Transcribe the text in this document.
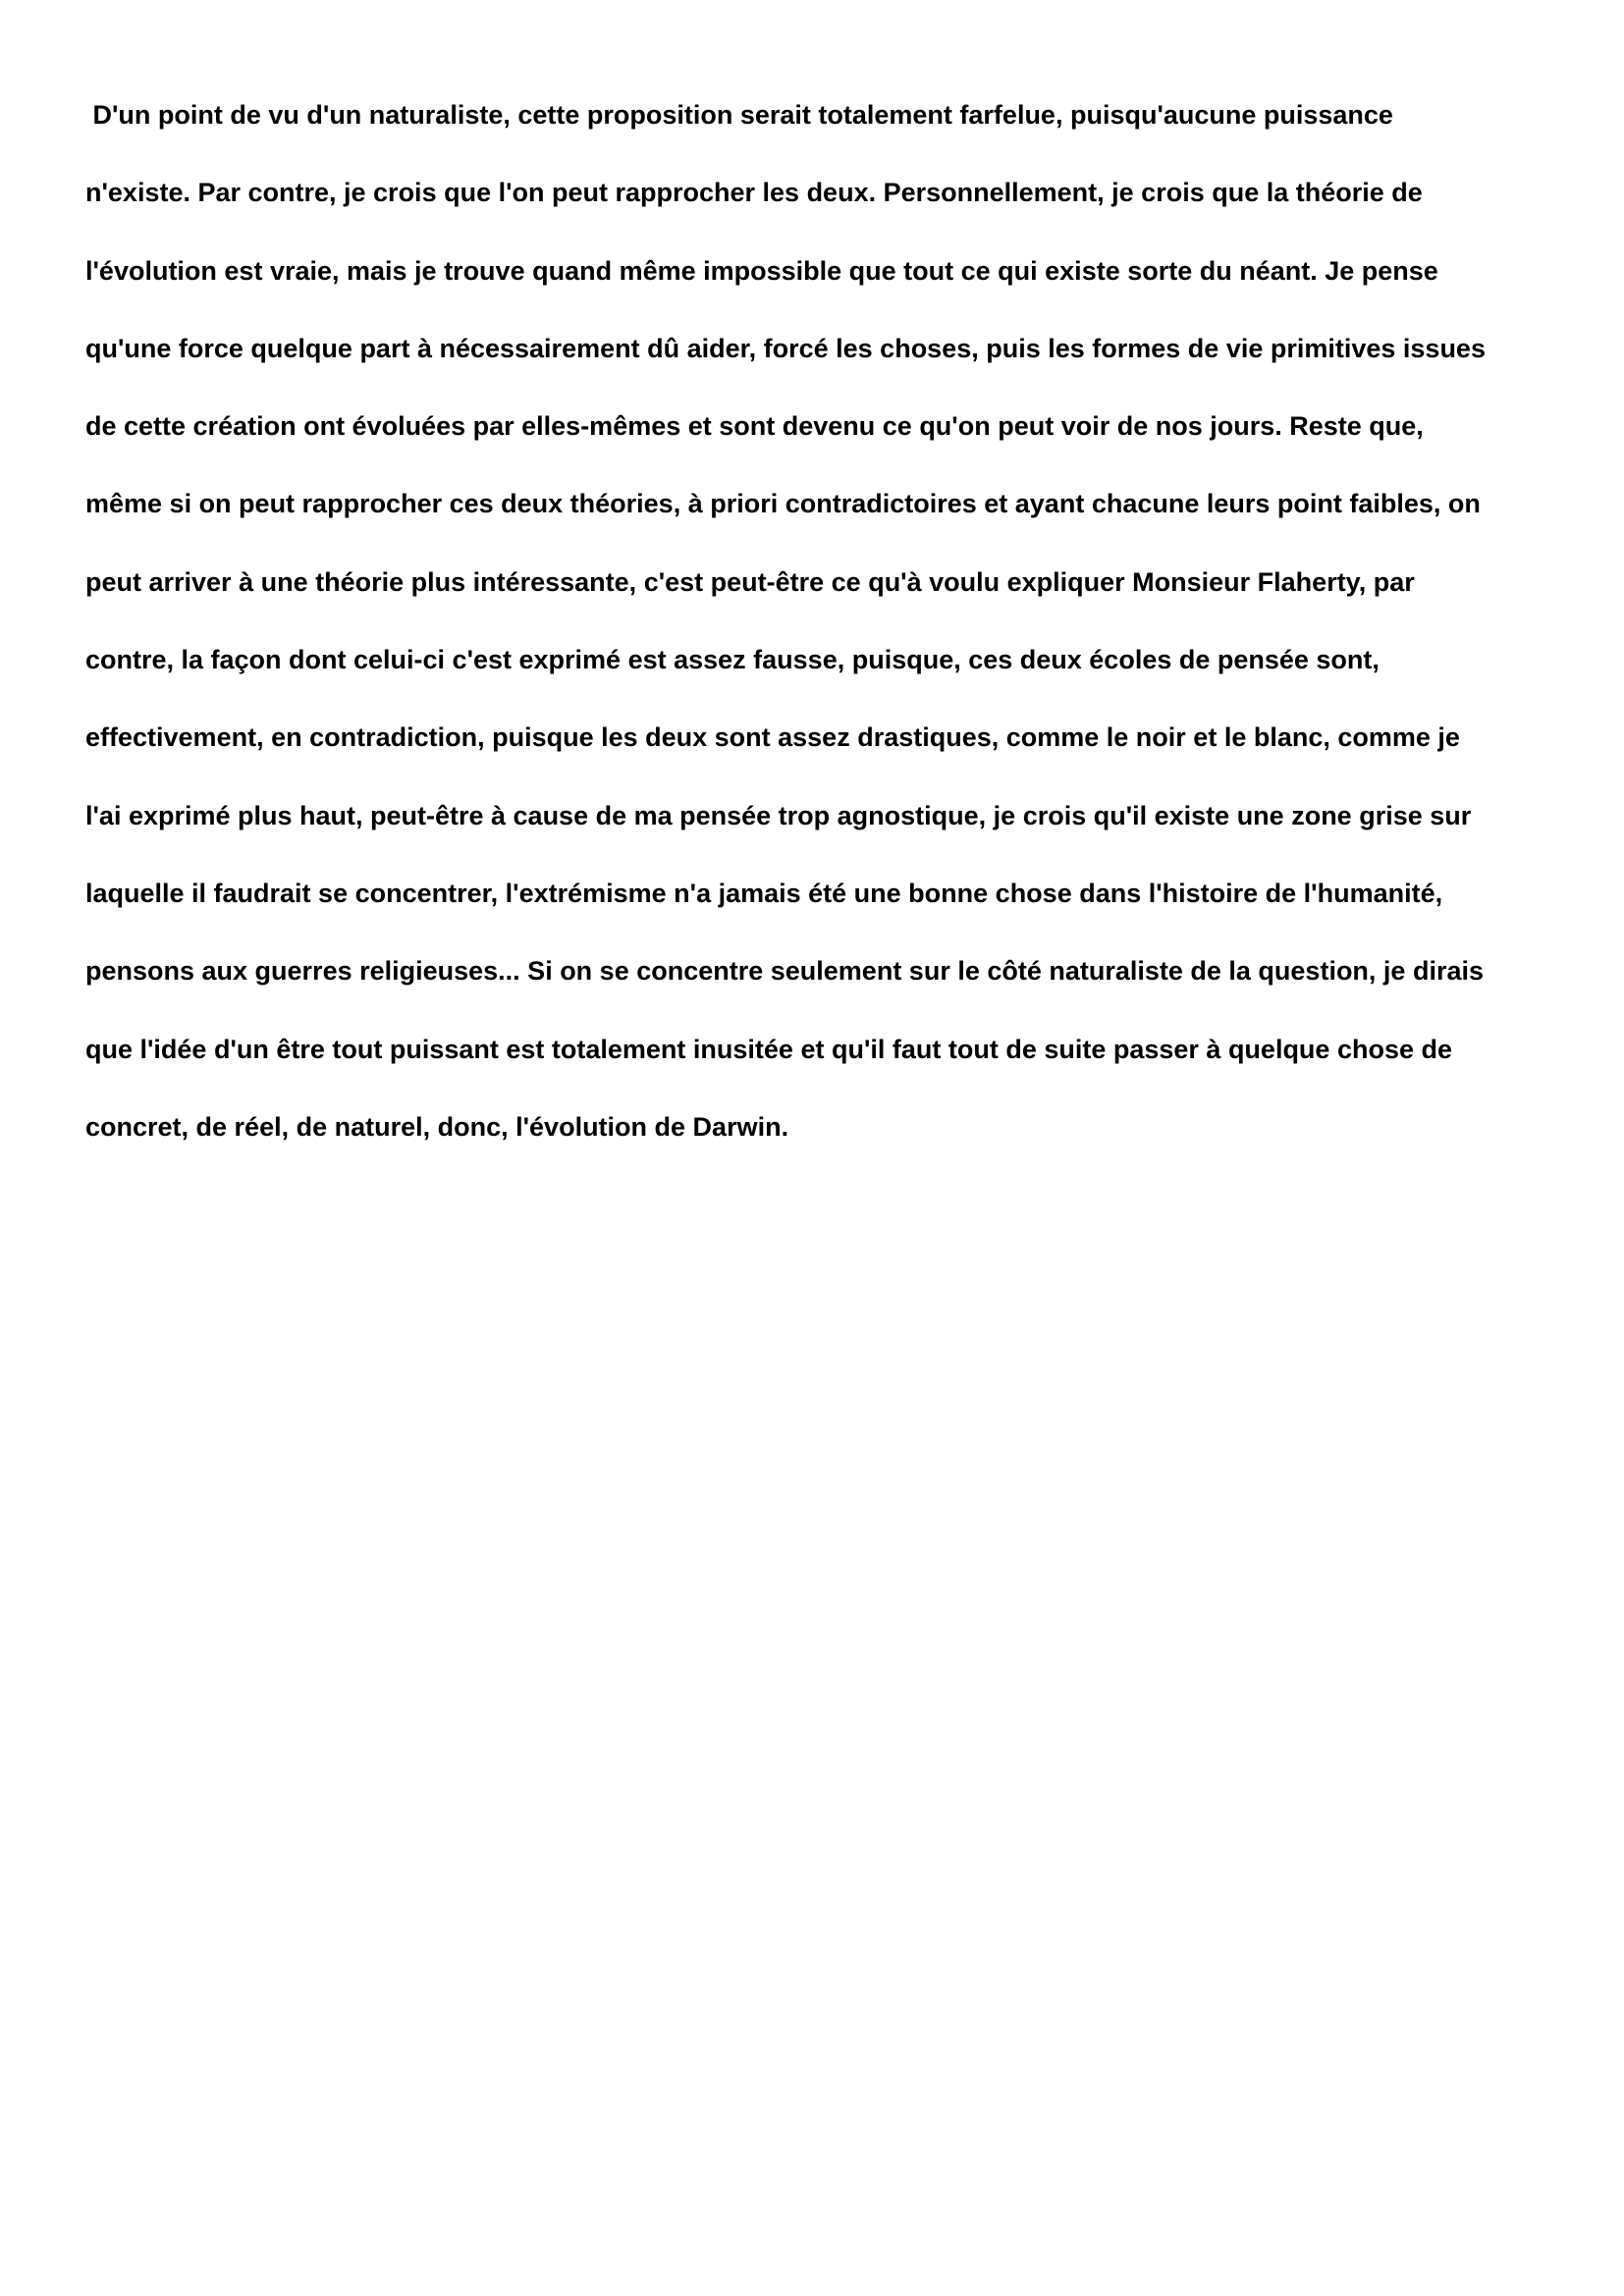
D'un point de vu d'un naturaliste, cette proposition serait totalement farfelue, puisqu'aucune puissance
n'existe. Par contre, je crois que l'on peut rapprocher les deux. Personnellement, je crois que la théorie de
l'évolution est vraie, mais je trouve quand même impossible que tout ce qui existe sorte du néant. Je pense
qu'une force quelque part à nécessairement dû aider, forcé les choses, puis les formes de vie primitives issues
de cette création ont évoluées par elles-mêmes et sont devenu ce qu'on peut voir de nos jours. Reste que,
même si on peut rapprocher ces deux théories, à priori contradictoires et ayant chacune leurs point faibles, on
peut arriver à une théorie plus intéressante, c'est peut-être ce qu'à voulu expliquer Monsieur Flaherty, par
contre, la façon dont celui-ci c'est exprimé est assez fausse, puisque, ces deux écoles de pensée sont,
effectivement, en contradiction, puisque les deux sont assez drastiques, comme le noir et le blanc, comme je
l'ai exprimé plus haut, peut-être à cause de ma pensée trop agnostique, je crois qu'il existe une zone grise sur
laquelle il faudrait se concentrer, l'extrémisme n'a jamais été une bonne chose dans l'histoire de l'humanité,
pensons aux guerres religieuses... Si on se concentre seulement sur le côté naturaliste de la question, je dirais
que l'idée d'un être tout puissant est totalement inusitée et qu'il faut tout de suite passer à quelque chose de
concret, de réel, de naturel, donc, l'évolution de Darwin.
